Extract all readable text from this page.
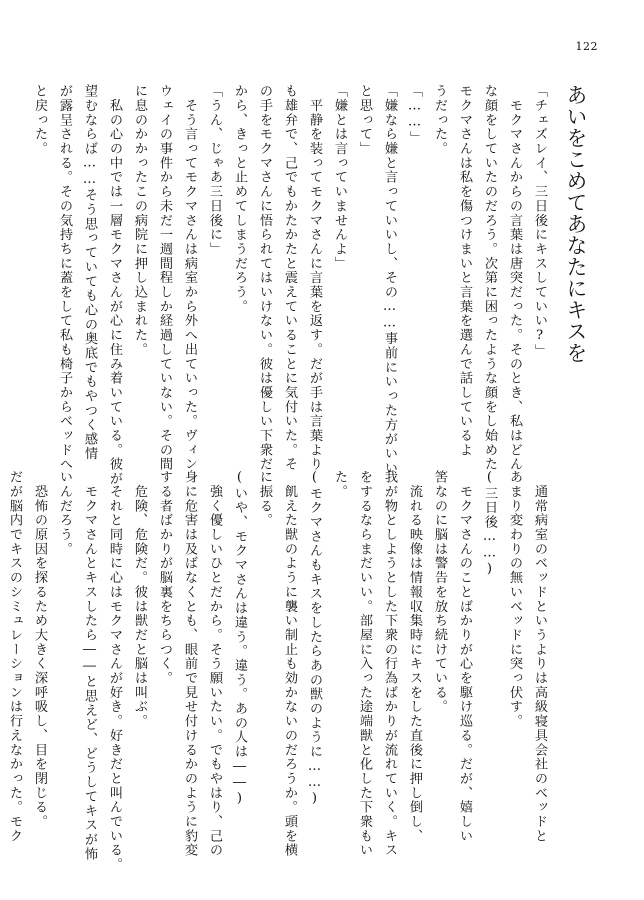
122
あいをこめてあなたにキスを

「チェズレイ、三日後にキスしていい?」

　モクマさんからの言葉は唐突だった。そのとき、私はどん

な顔をしていたのだろう。次第に困ったような顔をし始めた

モクマさんは私を傷つけまいと言葉を選んで話しているよ

うだった。

「……」

「嫌なら嫌と言っていいし、その……事前にいった方がいい

と思って」

「嫌とは言っていませんよ」

　平静を装ってモクマさんに言葉を返す。だが手は言葉より

も雄弁で、己でもかたかたと震えていることに気付いた。そ

の手をモクマさんに悟られてはいけない。彼は優しい下衆だ

から、きっと止めてしまうだろう。

「うん、じゃあ三日後に」

　そう言ってモクマさんは病室から外へ出ていった。ヴィン

ウェイの事件から未だ一週間程しか経過していない。その間

に息のかかったこの病院に押し込まれた。

　私の心の中では一層モクマさんが心に住み着いている。彼が

望むならば……そう思っていても心の奥底でもやつく感情

が露呈される。その気持ちに蓋をして私も椅子からベッドへ

と戻った。

　通常病室のベッドというよりは高級寝具会社のベッドと

あまり変わりの無いベッドに突っ伏す。

(三日後……)

　モクマさんのことばかりが心を駆け巡る。だが、嬉しい

筈なのに脳は警告を放ち続けている。

　流れる映像は情報収集時にキスをした直後に押し倒し、

我が物としようとした下衆の行為ばかりが流れていく。キス

をするならまだいい。部屋に入った途端獣と化した下衆もい

た。

(モクマさんもキスをしたらあの獣のように……)

　飢えた獣のように襲い制止も効かないのだろうか。頭を横

に振る。

(いや、モクマさんは違う。違う。あの人は――)

　強く優しいひとだから。そう願いたい。でもやはり、己の

身に危害は及ばなくとも、眼前で見せ付けるかのように豹変

する者ばかりが脳裏をちらつく。

　危険、危険だ。彼は獣だと脳は叫ぶ。

　それと同時に心はモクマさんが好き。好きだと叫んでいる。

　モクマさんとキスしたら――と思えど、どうしてキスが怖

いんだろう。

　恐怖の原因を探るため大きく深呼吸し、目を閉じる。

だが脳内でキスのシミュレーションは行えなかった。モク
